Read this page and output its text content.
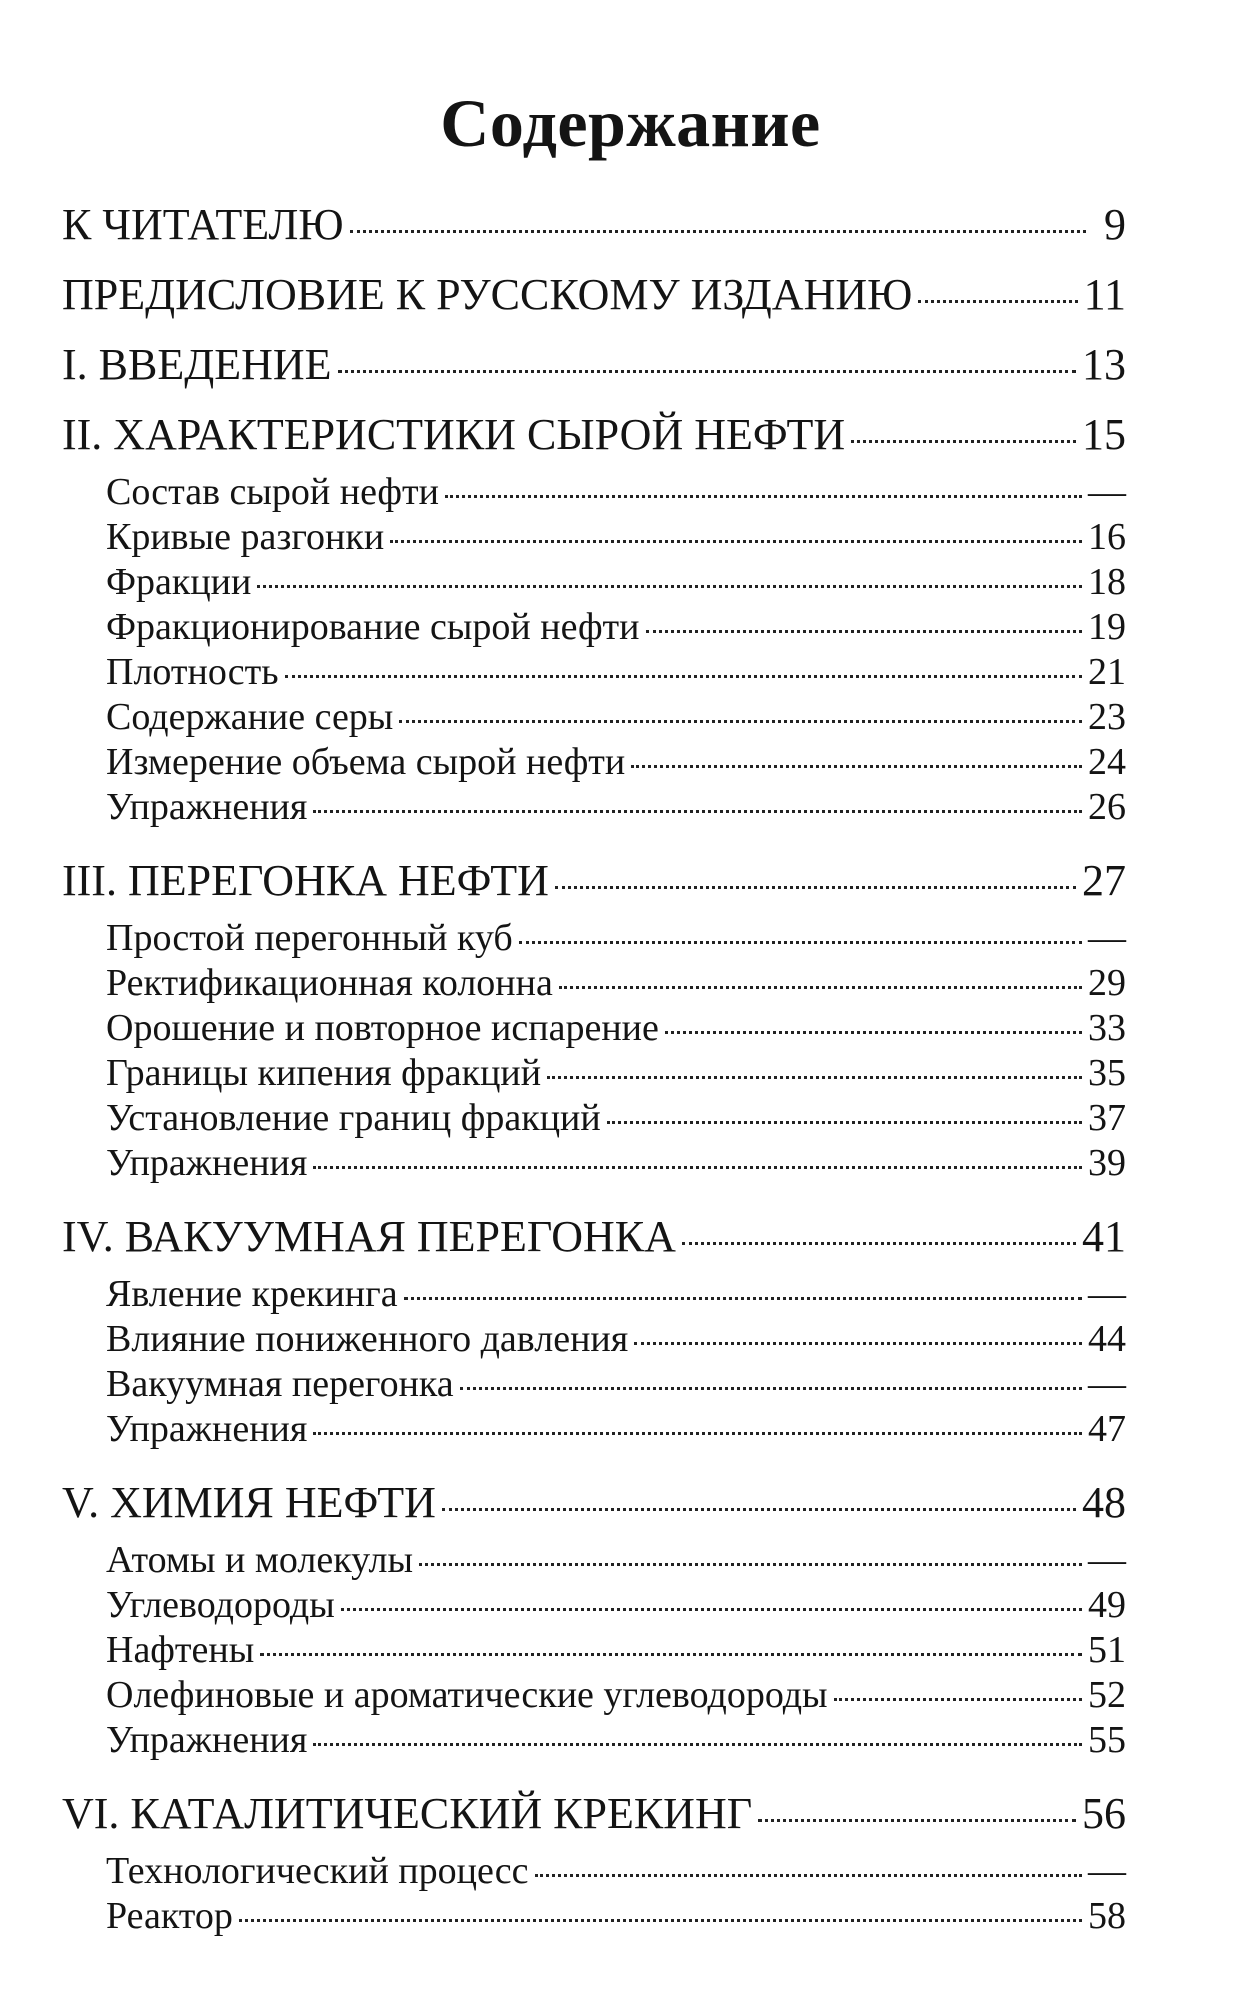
Содержание
К ЧИТАТЕЛЮ	9
ПРЕДИСЛОВИЕ К РУССКОМУ ИЗДАНИЮ	11
I. ВВЕДЕНИЕ	13
II. ХАРАКТЕРИСТИКИ СЫРОЙ НЕФТИ	15
Состав сырой нефти	—
Кривые разгонки	16
Фракции	18
Фракционирование сырой нефти	19
Плотность	21
Содержание серы	23
Измерение объема сырой нефти	24
Упражнения	26
III. ПЕРЕГОНКА НЕФТИ	27
Простой перегонный куб	—
Ректификационная колонна	29
Орошение и повторное испарение	33
Границы кипения фракций	35
Установление границ фракций	37
Упражнения	39
IV. ВАКУУМНАЯ ПЕРЕГОНКА	41
Явление крекинга	—
Влияние пониженного давления	44
Вакуумная перегонка	—
Упражнения	47
V. ХИМИЯ НЕФТИ	48
Атомы и молекулы	—
Углеводороды	49
Нафтены	51
Олефиновые и ароматические углеводороды	52
Упражнения	55
VI. КАТАЛИТИЧЕСКИЙ КРЕКИНГ	56
Технологический процесс	—
Реактор	58
